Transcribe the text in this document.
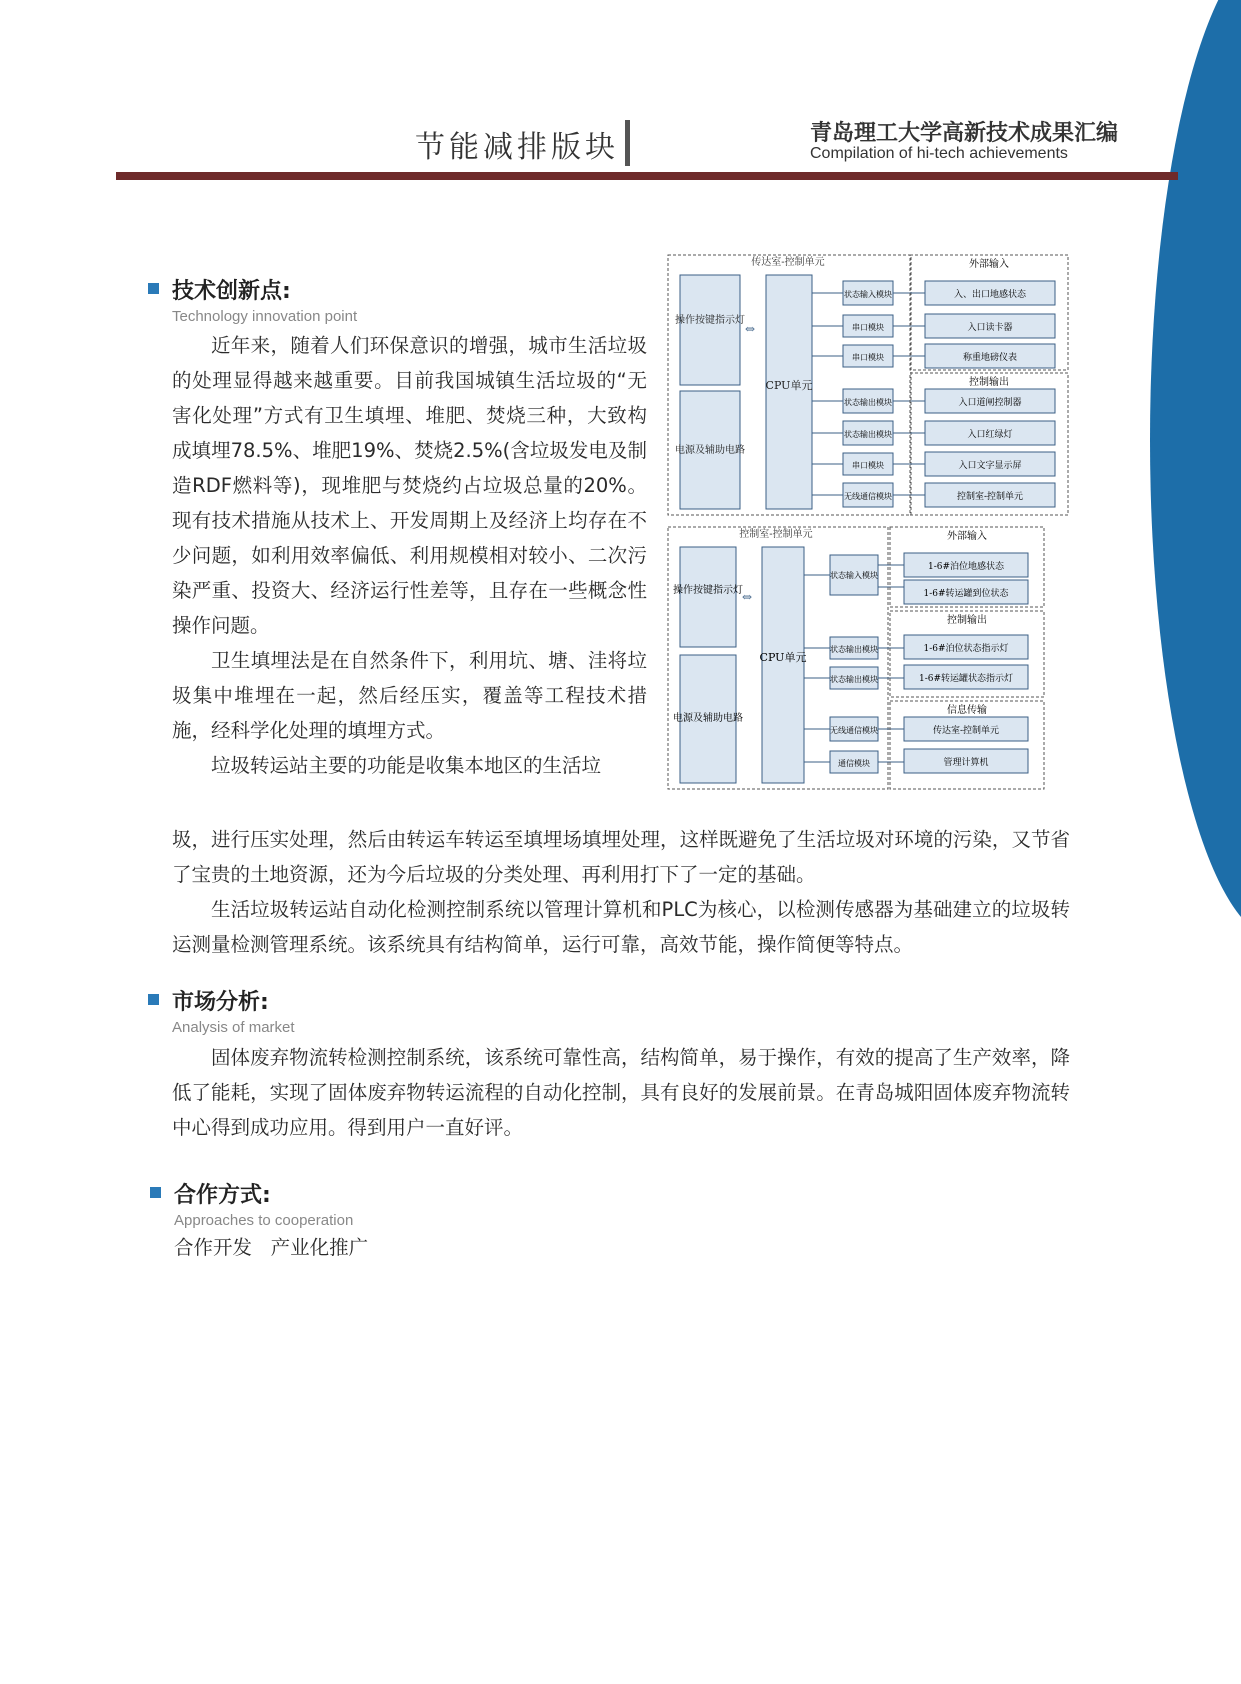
节能减排版块	青岛理工大学高新技术成果汇编
Compilation of hi-tech achievements
技术创新点:
Technology innovation point

近年来，随着人们环保意识的增强，城市生活垃圾的处理显得越来越重要。目前我国城镇生活垃圾的“无害化处理”方式有卫生填埋、堆肥、焚烧三种，大致构成填埋78.5%、堆肥19%、焚烧2.5%(含垃圾发电及制造RDF燃料等)，现堆肥与焚烧约占垃圾总量的20%。现有技术措施从技术上、开发周期上及经济上均存在不少问题，如利用效率偏低、利用规模相对较小、二次污染严重、投资大、经济运行性差等，且存在一些概念性操作问题。

卫生填埋法是在自然条件下，利用坑、塘、洼将垃圾集中堆埋在一起，然后经压实，覆盖等工程技术措施，经科学化处理的填埋方式。

垃圾转运站主要的功能是收集本地区的生活垃

圾，进行压实处理，然后由转运车转运至填埋场填埋处理，这样既避免了生活垃圾对环境的污染，又节省了宝贵的土地资源，还为今后垃圾的分类处理、再利用打下了一定的基础。

生活垃圾转运站自动化检测控制系统以管理计算机和PLC为核心，以检测传感器为基础建立的垃圾转运测量检测管理系统。该系统具有结构简单，运行可靠，高效节能，操作简便等特点。

传达室-控制单元
操作按键指示灯
电源及辅助电路
CPU单元
⇔
状态输入模块
串口模块
串口模块
状态输出模块
状态输出模块
串口模块
无线通信模块
外部输入
控制输出
入、出口地感状态
入口读卡器
称重地磅仪表
入口道闸控制器
入口红绿灯
入口文字显示屏
控制室-控制单元
控制室-控制单元
操作按键指示灯
电源及辅助电路
CPU单元
⇔
状态输入模块
状态输出模块
状态输出模块
无线通信模块
通信模块
外部输入
控制输出
信息传输
1-6#泊位地感状态
1-6#转运罐到位状态
1-6#泊位状态指示灯
1-6#转运罐状态指示灯
传达室-控制单元
管理计算机
市场分析:
Analysis of market

固体废弃物流转检测控制系统，该系统可靠性高，结构简单，易于操作，有效的提高了生产效率，降低了能耗，实现了固体废弃物转运流程的自动化控制，具有良好的发展前景。在青岛城阳固体废弃物流转中心得到成功应用。得到用户一直好评。

合作方式:
Approaches to cooperation
合作开发   产业化推广
